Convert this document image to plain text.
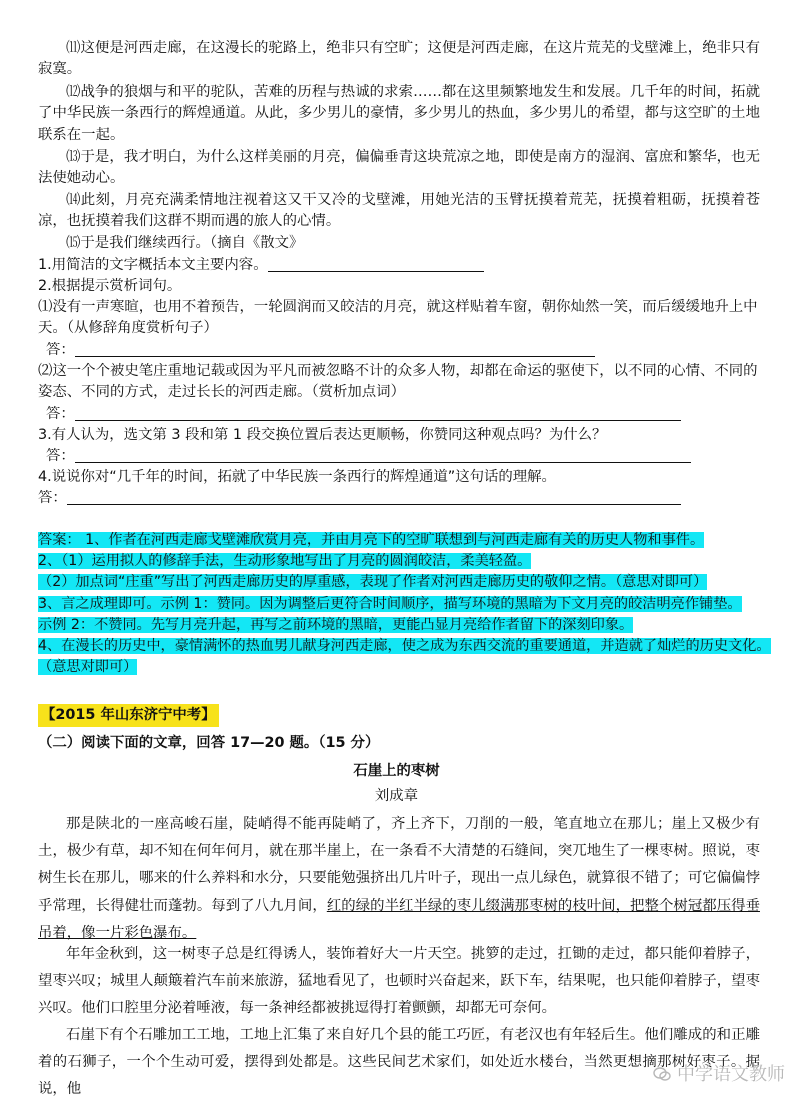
⑾这便是河西走廊，在这漫长的驼路上，绝非只有空旷；这便是河西走廊，在这片荒芜的戈壁滩上，绝非只有寂寞。

⑿战争的狼烟与和平的驼队，苦难的历程与热诚的求索……都在这里频繁地发生和发展。几千年的时间，拓就了中华民族一条西行的辉煌通道。从此，多少男儿的豪情，多少男儿的热血，多少男儿的希望，都与这空旷的土地联系在一起。

⒀于是，我才明白，为什么这样美丽的月亮，偏偏垂青这块荒凉之地，即使是南方的湿润、富庶和繁华，也无法使她动心。

⒁此刻，月亮充满柔情地注视着这又干又冷的戈壁滩，用她光洁的玉臂抚摸着荒芜，抚摸着粗砺，抚摸着苍凉，也抚摸着我们这群不期而遇的旅人的心情。

⒂于是我们继续西行。（摘自《散文》

1.用简洁的文字概括本文主要内容。

2.根据提示赏析词句。

⑴没有一声寒暄，也用不着预告，一轮圆润而又皎洁的月亮，就这样贴着车窗，朝你灿然一笑，而后缓缓地升上中天。（从修辞角度赏析句子）

答：

⑵这一个个被史笔庄重地记载或因为平凡而被忽略不计的众多人物，却都在命运的驱使下，以不同的心情、不同的姿态、不同的方式，走过长长的河西走廊。（赏析加点词）

答：

3.有人认为，选文第 3 段和第 1 段交换位置后表达更顺畅，你赞同这种观点吗？为什么？

答：

4.说说你对“几千年的时间，拓就了中华民族一条西行的辉煌通道”这句话的理解。

答：

答案： 1、作者在河西走廊戈壁滩欣赏月亮，并由月亮下的空旷联想到与河西走廊有关的历史人物和事件。

2、（1）运用拟人的修辞手法，生动形象地写出了月亮的圆润皎洁，柔美轻盈。

（2）加点词“庄重”写出了河西走廊历史的厚重感，表现了作者对河西走廊历史的敬仰之情。（意思对即可）

3、言之成理即可。示例 1：赞同。因为调整后更符合时间顺序，描写环境的黑暗为下文月亮的皎洁明亮作铺垫。

示例 2：不赞同。先写月亮升起，再写之前环境的黑暗，更能凸显月亮给作者留下的深刻印象。

4、在漫长的历史中，豪情满怀的热血男儿献身河西走廊，使之成为东西交流的重要通道，并造就了灿烂的历史文化。

（意思对即可）

【2015 年山东济宁中考】

（二）阅读下面的文章，回答 17—20 题。（15 分）

石崖上的枣树

刘成章

那是陕北的一座高峻石崖，陡峭得不能再陡峭了，齐上齐下，刀削的一般，笔直地立在那儿；崖上又极少有土，极少有草，却不知在何年何月，就在那半崖上，在一条看不大清楚的石缝间，突兀地生了一棵枣树。照说，枣树生长在那儿，哪来的什么养料和水分，只要能勉强挤出几片叶子，现出一点儿绿色，就算很不错了；可它偏偏悖乎常理，长得健壮而蓬勃。每到了八九月间，红的绿的半红半绿的枣儿缀满那枣树的枝叶间，把整个树冠都压得垂吊着，像一片彩色瀑布。

年年金秋到，这一树枣子总是红得诱人，装饰着好大一片天空。挑箩的走过，扛锄的走过，都只能仰着脖子，望枣兴叹；城里人颠簸着汽车前来旅游，猛地看见了，也顿时兴奋起来，跃下车，结果呢，也只能仰着脖子，望枣兴叹。他们口腔里分泌着唾液，每一条神经都被挑逗得打着颤颤，却都无可奈何。

石崖下有个石雕加工工地，工地上汇集了来自好几个县的能工巧匠，有老汉也有年轻后生。他们雕成的和正雕着的石狮子，一个个生动可爱，摆得到处都是。这些民间艺术家们，如处近水楼台，当然更想摘那树好枣子。据说，他

中学语文教师
